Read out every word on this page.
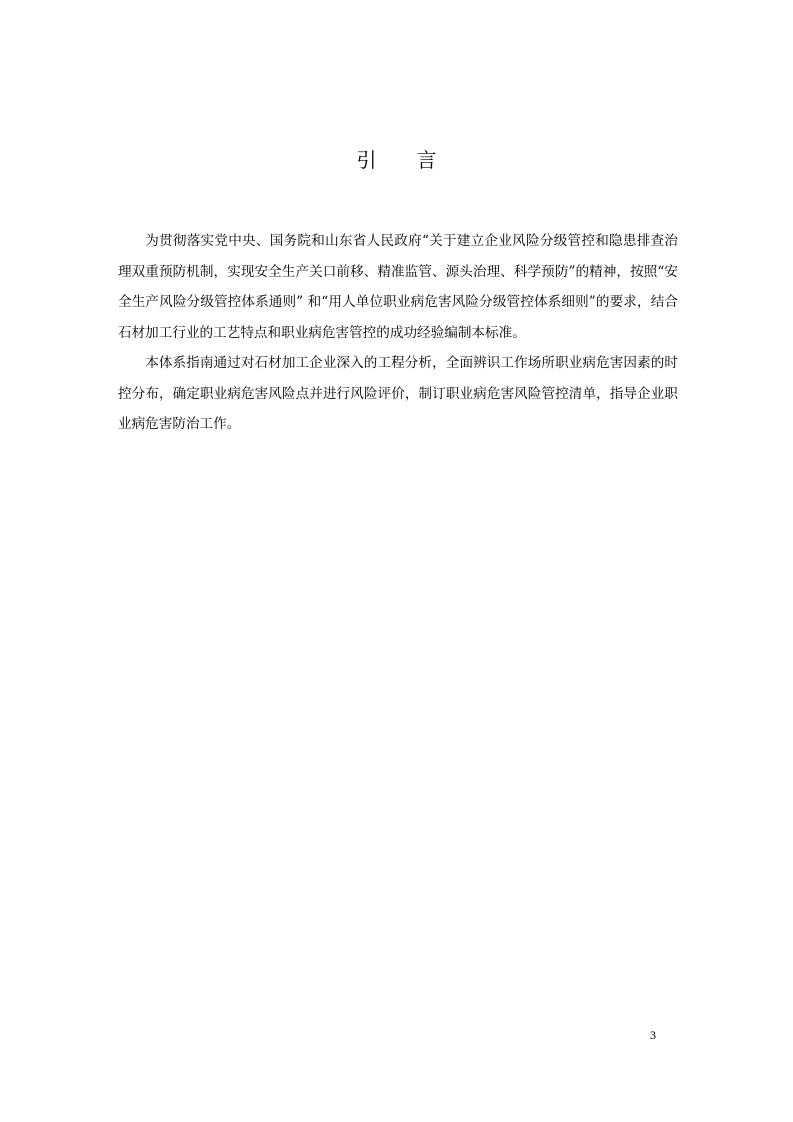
引言

为贯彻落实党中央、国务院和山东省人民政府“关于建立企业风险分级管控和隐患排查治理双重预防机制，实现安全生产关口前移、精准监管、源头治理、科学预防”的精神，按照“安全生产风险分级管控体系通则” 和“用人单位职业病危害风险分级管控体系细则”的要求，结合石材加工行业的工艺特点和职业病危害管控的成功经验编制本标准。

本体系指南通过对石材加工企业深入的工程分析，全面辨识工作场所职业病危害因素的时控分布，确定职业病危害风险点并进行风险评价，制订职业病危害风险管控清单，指导企业职业病危害防治工作。

3
